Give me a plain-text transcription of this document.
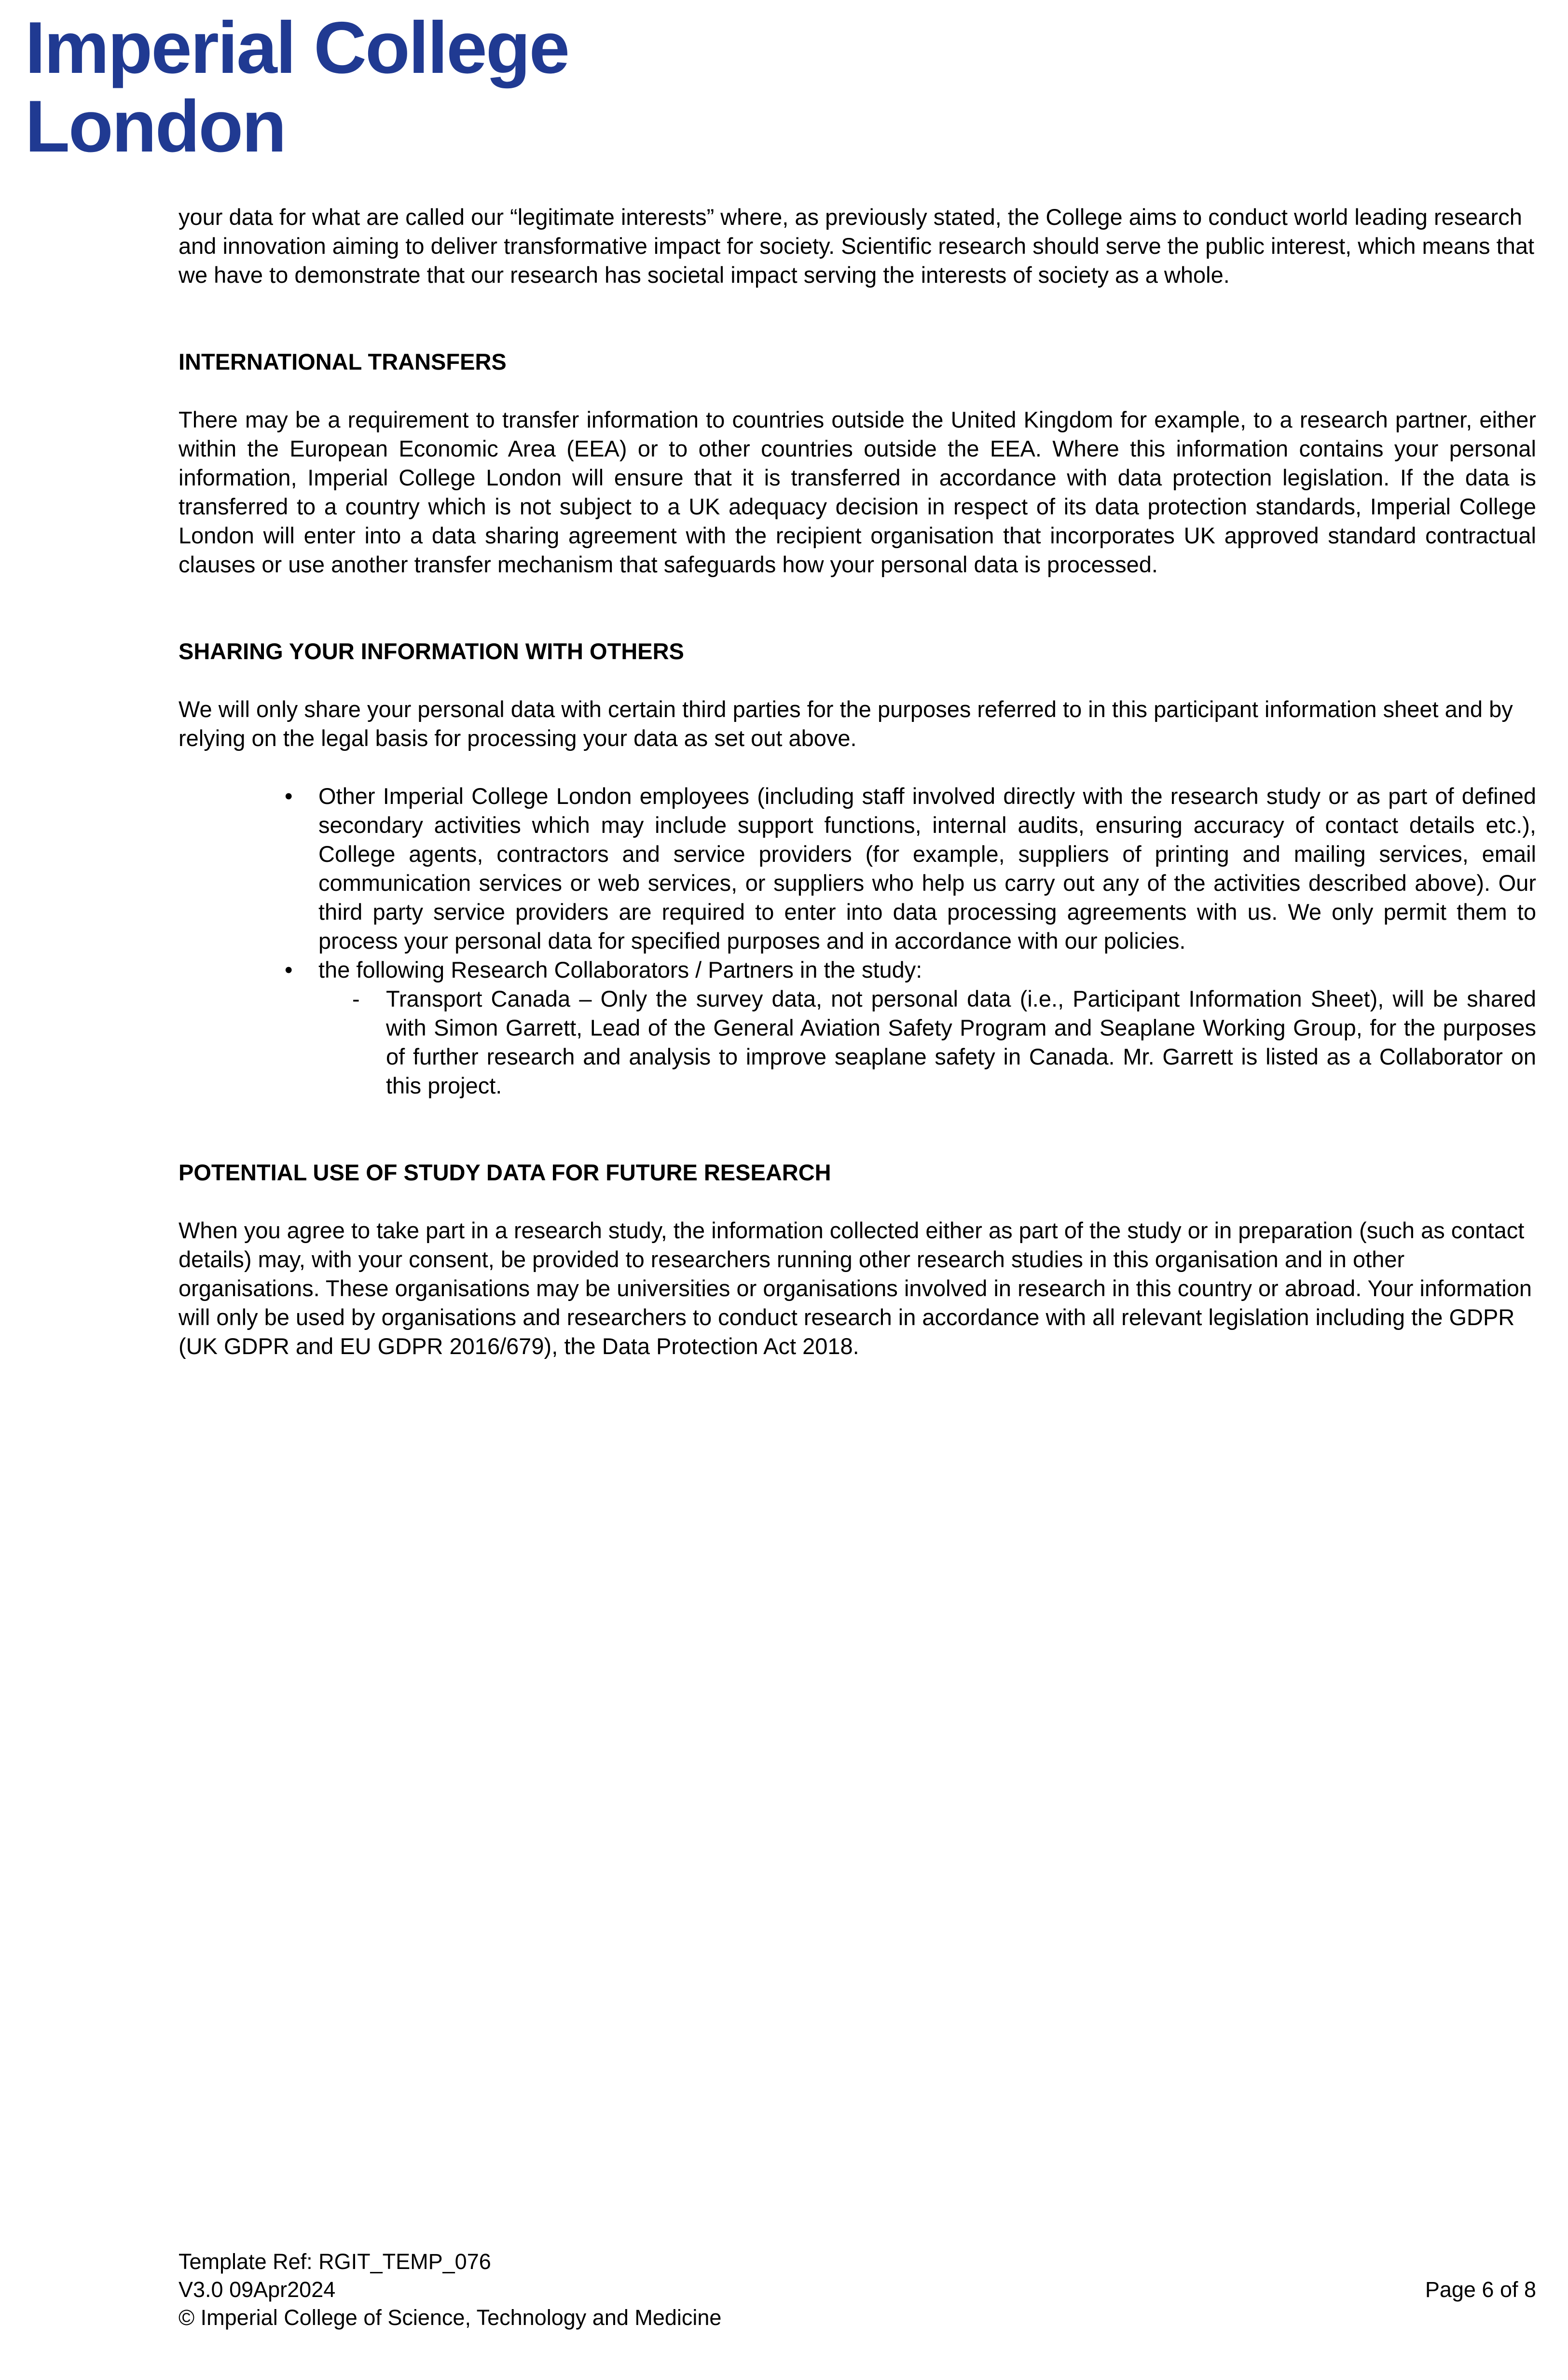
Imperial College
London

your data for what are called our “legitimate interests” where, as previously stated, the College aims to conduct world leading research and innovation aiming to deliver transformative impact for society. Scientific research should serve the public interest, which means that we have to demonstrate that our research has societal impact serving the interests of society as a whole.

INTERNATIONAL TRANSFERS

There may be a requirement to transfer information to countries outside the United Kingdom for example, to a research partner, either within the European Economic Area (EEA) or to other countries outside the EEA. Where this information contains your personal information, Imperial College London will ensure that it is transferred in accordance with data protection legislation. If the data is transferred to a country which is not subject to a UK adequacy decision in respect of its data protection standards, Imperial College London will enter into a data sharing agreement with the recipient organisation that incorporates UK approved standard contractual clauses or use another transfer mechanism that safeguards how your personal data is processed.

SHARING YOUR INFORMATION WITH OTHERS

We will only share your personal data with certain third parties for the purposes referred to in this participant information sheet and by relying on the legal basis for processing your data as set out above.

• Other Imperial College London employees (including staff involved directly with the research study or as part of defined secondary activities which may include support functions, internal audits, ensuring accuracy of contact details etc.), College agents, contractors and service providers (for example, suppliers of printing and mailing services, email communication services or web services, or suppliers who help us carry out any of the activities described above). Our third party service providers are required to enter into data processing agreements with us. We only permit them to process your personal data for specified purposes and in accordance with our policies.
• the following Research Collaborators / Partners in the study:
- Transport Canada – Only the survey data, not personal data (i.e., Participant Information Sheet), will be shared with Simon Garrett, Lead of the General Aviation Safety Program and Seaplane Working Group, for the purposes of further research and analysis to improve seaplane safety in Canada. Mr. Garrett is listed as a Collaborator on this project.
POTENTIAL USE OF STUDY DATA FOR FUTURE RESEARCH

When you agree to take part in a research study, the information collected either as part of the study or in preparation (such as contact details) may, with your consent, be provided to researchers running other research studies in this organisation and in other organisations. These organisations may be universities or organisations involved in research in this country or abroad. Your information will only be used by organisations and researchers to conduct research in accordance with all relevant legislation including the GDPR (UK GDPR and EU GDPR 2016/679), the Data Protection Act 2018.

Template Ref: RGIT_TEMP_076
V3.0 09Apr2024
© Imperial College of Science, Technology and Medicine
Page 6 of 8
